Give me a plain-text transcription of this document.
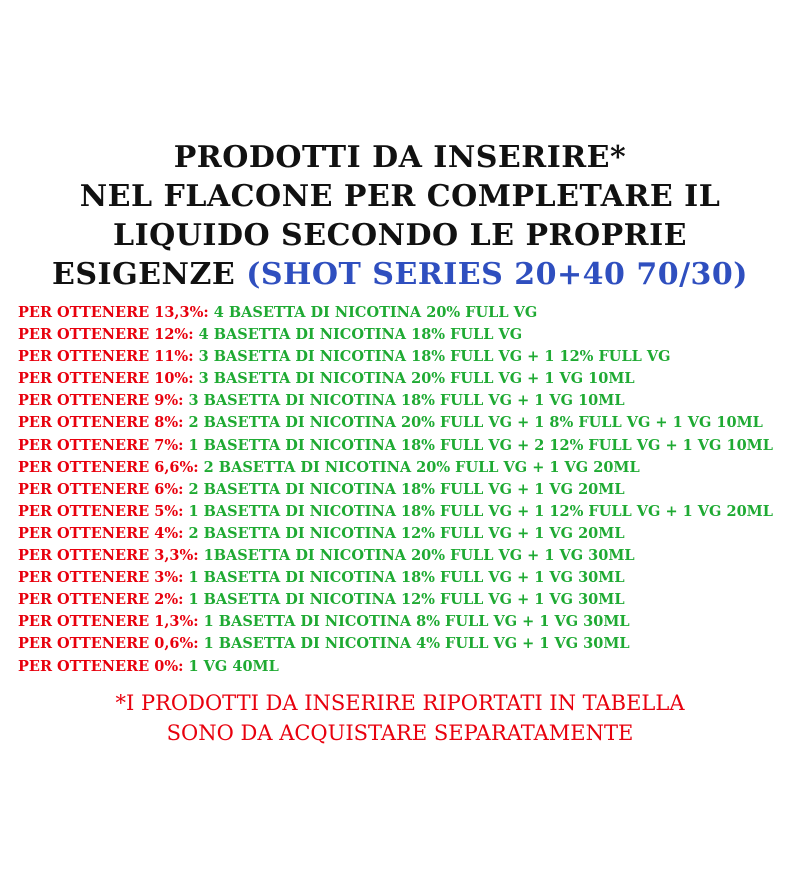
PRODOTTI DA INSERIRE*
NEL FLACONE PER COMPLETARE IL
LIQUIDO SECONDO LE PROPRIE
ESIGENZE (SHOT SERIES 20+40 70/30)
PER OTTENERE 13,3%: 4 BASETTA DI NICOTINA 20% FULL VG
PER OTTENERE 12%: 4 BASETTA DI NICOTINA 18% FULL VG
PER OTTENERE 11%: 3 BASETTA DI NICOTINA 18% FULL VG + 1 12% FULL VG
PER OTTENERE 10%: 3 BASETTA DI NICOTINA 20% FULL VG + 1 VG 10ML
PER OTTENERE 9%: 3 BASETTA DI NICOTINA 18% FULL VG + 1 VG 10ML
PER OTTENERE 8%: 2 BASETTA DI NICOTINA 20% FULL VG + 1 8% FULL VG + 1 VG 10ML
PER OTTENERE 7%: 1 BASETTA DI NICOTINA 18% FULL VG + 2 12% FULL VG + 1 VG 10ML
PER OTTENERE 6,6%: 2 BASETTA DI NICOTINA 20% FULL VG + 1 VG 20ML
PER OTTENERE 6%: 2 BASETTA DI NICOTINA 18% FULL VG + 1 VG 20ML
PER OTTENERE 5%: 1 BASETTA DI NICOTINA 18% FULL VG + 1 12% FULL VG + 1 VG 20ML
PER OTTENERE 4%: 2 BASETTA DI NICOTINA 12% FULL VG + 1 VG 20ML
PER OTTENERE 3,3%: 1BASETTA DI NICOTINA 20% FULL VG + 1 VG 30ML
PER OTTENERE 3%: 1 BASETTA DI NICOTINA 18% FULL VG + 1 VG 30ML
PER OTTENERE 2%: 1 BASETTA DI NICOTINA 12% FULL VG + 1 VG 30ML
PER OTTENERE 1,3%: 1 BASETTA DI NICOTINA 8% FULL VG + 1 VG 30ML
PER OTTENERE 0,6%: 1 BASETTA DI NICOTINA 4% FULL VG + 1 VG 30ML
PER OTTENERE 0%: 1 VG 40ML
*I PRODOTTI DA INSERIRE RIPORTATI IN TABELLA
SONO DA ACQUISTARE SEPARATAMENTE
